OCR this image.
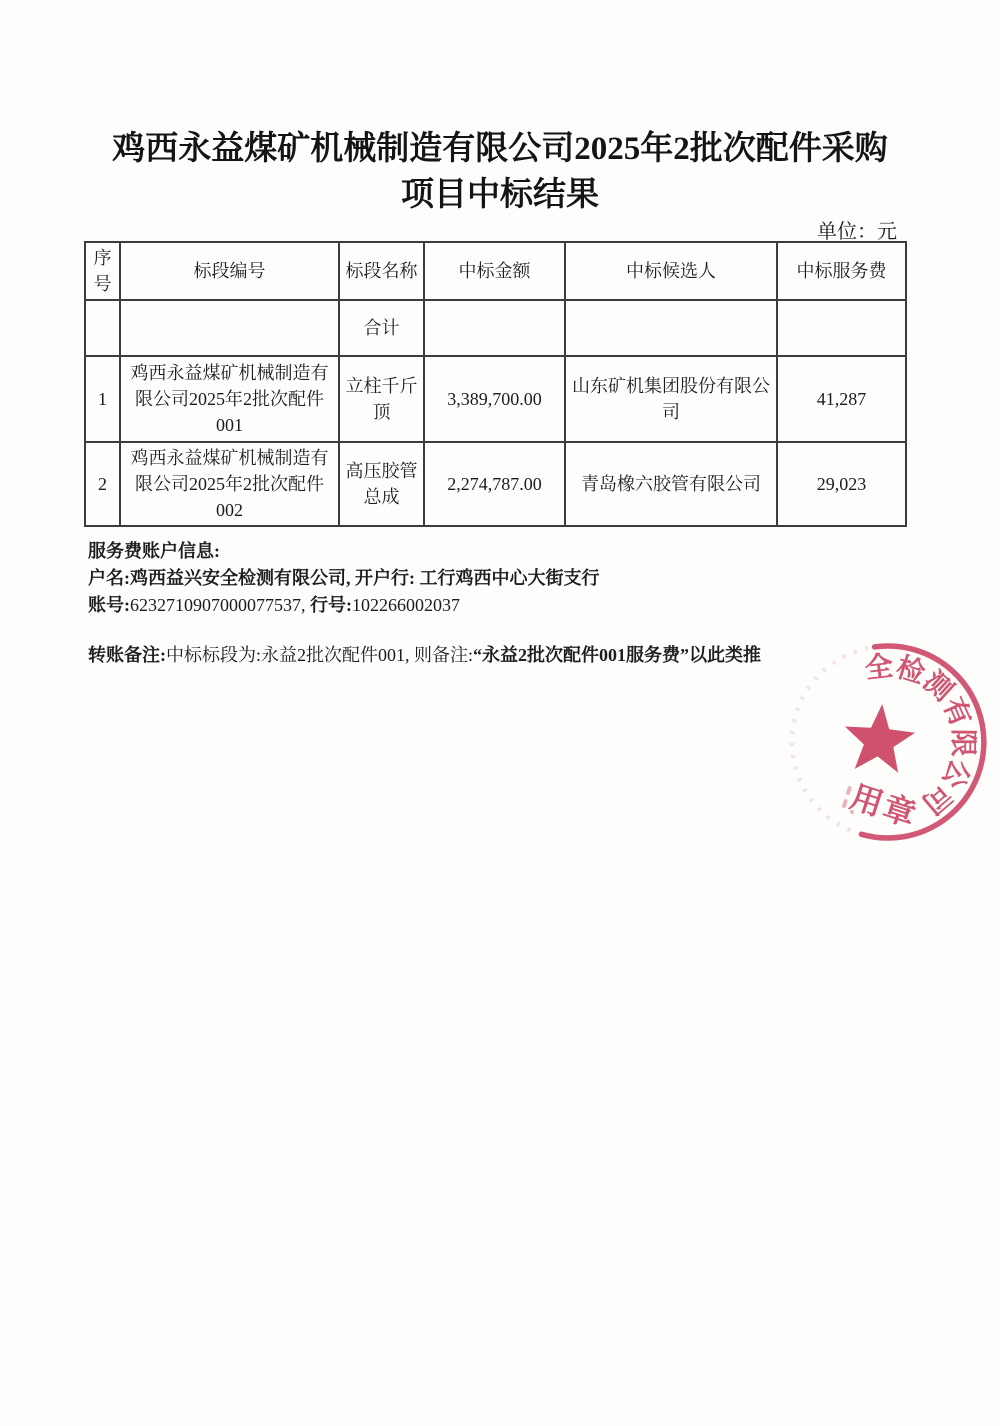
鸡西永益煤矿机械制造有限公司2025年2批次配件采购
项目中标结果
单位：元
序号	标段编号	标段名称	中标金额	中标候选人	中标服务费
		合计			
1	鸡西永益煤矿机械制造有限公司2025年2批次配件001	立柱千斤顶	3,389,700.00	山东矿机集团股份有限公司	41,287
2	鸡西永益煤矿机械制造有限公司2025年2批次配件002	高压胶管总成	2,274,787.00	青岛橡六胶管有限公司	29,023
服务费账户信息:
户名:鸡西益兴安全检测有限公司, 开户行: 工行鸡西中心大街支行
账号:6232710907000077537, 行号:102266002037
转账备注:中标标段为:永益2批次配件001, 则备注:“永益2批次配件001服务费”以此类推	全检测有限公司
用章
